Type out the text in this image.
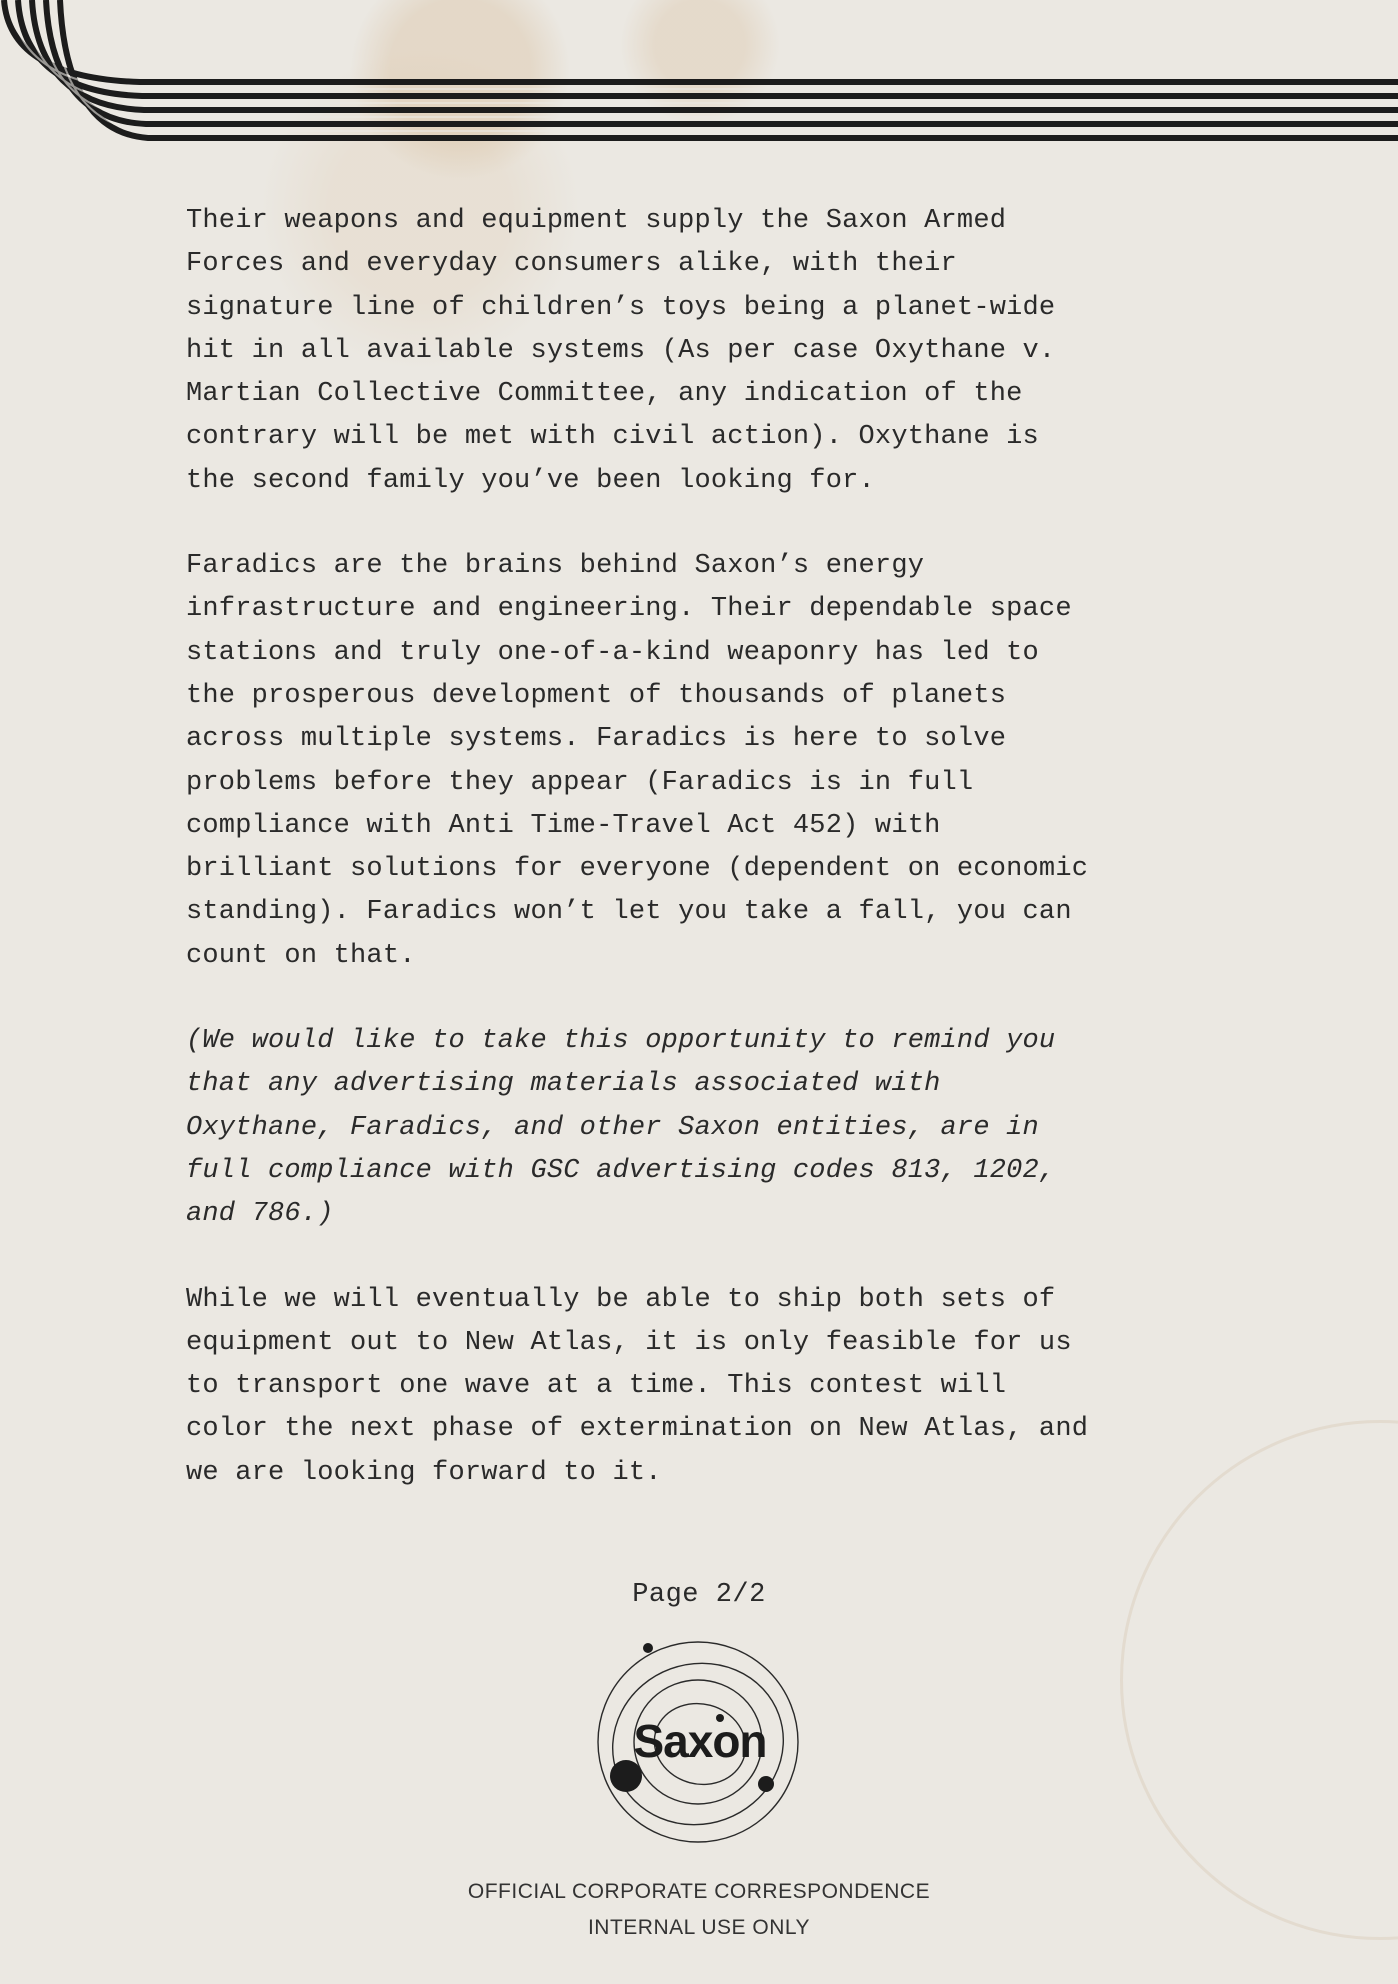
Their weapons and equipment supply the Saxon Armed
Forces and everyday consumers alike, with their
signature line of children’s toys being a planet-wide
hit in all available systems (As per case Oxythane v.
Martian Collective Committee, any indication of the
contrary will be met with civil action). Oxythane is
the second family you’ve been looking for.

Faradics are the brains behind Saxon’s energy
infrastructure and engineering. Their dependable space
stations and truly one-of-a-kind weaponry has led to
the prosperous development of thousands of planets
across multiple systems. Faradics is here to solve
problems before they appear (Faradics is in full
compliance with Anti Time-Travel Act 452) with
brilliant solutions for everyone (dependent on economic
standing). Faradics won’t let you take a fall, you can
count on that.

(We would like to take this opportunity to remind you
that any advertising materials associated with
Oxythane, Faradics, and other Saxon entities, are in
full compliance with GSC advertising codes 813, 1202,
and 786.)

While we will eventually be able to ship both sets of
equipment out to New Atlas, it is only feasible for us
to transport one wave at a time. This contest will
color the next phase of extermination on New Atlas, and
we are looking forward to it.

Page 2/2
Saxon
OFFICIAL CORPORATE CORRESPONDENCE
INTERNAL USE ONLY
